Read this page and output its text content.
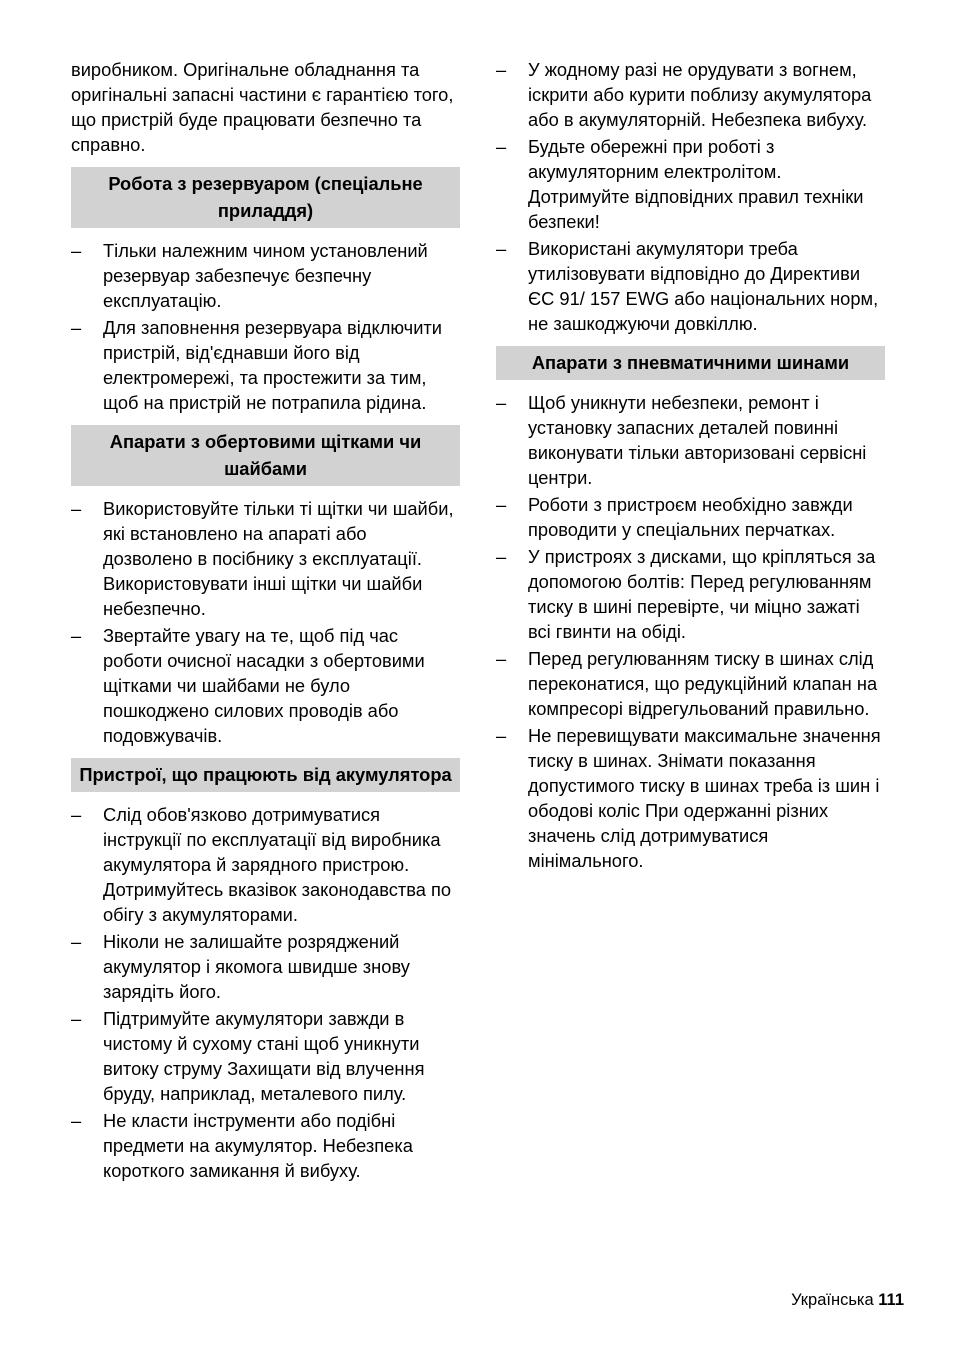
виробником. Оригінальне обладнання та оригінальні запасні частини є гарантією того, що пристрій буде працювати безпечно та справно.

Робота з резервуаром (спеціальне приладдя)
– Тільки належним чином установлений резервуар забезпечує безпечну експлуатацію.
– Для заповнення резервуара відключити пристрій, від'єднавши його від електромережі, та простежити за тим, щоб на пристрій не потрапила рідина.
Апарати з обертовими щітками чи шайбами
– Використовуйте тільки ті щітки чи шайби, які встановлено на апараті або дозволено в посібнику з експлуатації. Використовувати інші щітки чи шайби небезпечно.
– Звертайте увагу на те, щоб під час роботи очисної насадки з обертовими щітками чи шайбами не було пошкоджено силових проводів або подовжувачів.
Пристрої, що працюють від акумулятора
– Слід обов'язково дотримуватися інструкції по експлуатації від виробника акумулятора й зарядного пристрою. Дотримуйтесь вказівок законодавства по обігу з акумуляторами.
– Ніколи не залишайте розряджений акумулятор і якомога швидше знову зарядіть його.
– Підтримуйте акумулятори завжди в чистому й сухому стані щоб уникнути витоку струму Захищати від влучення бруду, наприклад, металевого пилу.
– Не класти інструменти або подібні предмети на акумулятор. Небезпека короткого замикання й вибуху.
– У жодному разі не орудувати з вогнем, іскрити або курити поблизу акумулятора або в акумуляторній. Небезпека вибуху.
– Будьте обережні при роботі з акумуляторним електролітом. Дотримуйте відповідних правил техніки безпеки!
– Використані акумулятори треба утилізовувати відповідно до Директиви ЄС 91/ 157 EWG або національних норм, не зашкоджуючи довкіллю.
Апарати з пневматичними шинами
– Щоб уникнути небезпеки, ремонт і установку запасних деталей повинні виконувати тільки авторизовані сервісні центри.
– Роботи з пристроєм необхідно завжди проводити у спеціальних перчатках.
– У пристроях з дисками, що кріпляться за допомогою болтів: Перед регулюванням тиску в шині перевірте, чи міцно зажаті всі гвинти на обіді.
– Перед регулюванням тиску в шинах слід переконатися, що редукційний клапан на компресорі відрегульований правильно.
– Не перевищувати максимальне значення тиску в шинах. Знімати показання допустимого тиску в шинах треба із шин і ободові коліс При одержанні різних значень слід дотримуватися мінімального.
Українська 111
